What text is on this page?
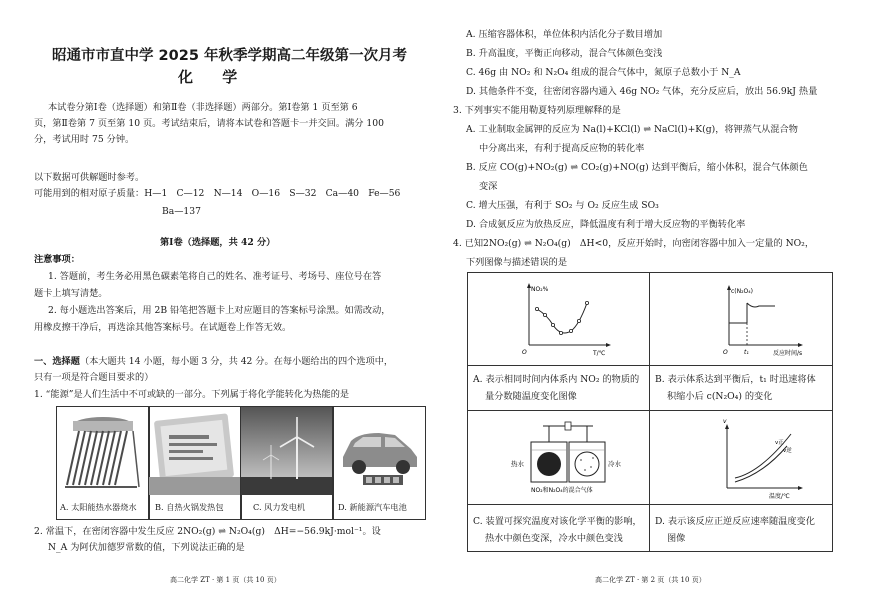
昭通市市直中学 2025 年秋季学期高二年级第一次月考
化 学
本试卷分第Ⅰ卷（选择题）和第Ⅱ卷（非选择题）两部分。第Ⅰ卷第 1 页至第 6
页，第Ⅱ卷第 7 页至第 10 页。考试结束后，请将本试卷和答题卡一并交回。满分 100
分，考试用时 75 分钟。
以下数据可供解题时参考。
可能用到的相对原子质量：H—1　C—12　N—14　O—16　S—32　Ca—40　Fe—56
Ba—137
第Ⅰ卷（选择题，共 42 分）
注意事项：
1. 答题前，考生务必用黑色碳素笔将自己的姓名、准考证号、考场号、座位号在答
题卡上填写清楚。
2. 每小题选出答案后，用 2B 铅笔把答题卡上对应题目的答案标号涂黑。如需改动，
用橡皮擦干净后，再选涂其他答案标号。在试题卷上作答无效。
一、选择题（本大题共 14 小题，每小题 3 分，共 42 分。在每小题给出的四个选项中，
只有一项是符合题目要求的）
1. “能源”是人们生活中不可或缺的一部分。下列属于将化学能转化为热能的是
A. 太阳能热水器烧水 B. 自热火锅发热包	C. 风力发电机	D. 新能源汽车电池
2. 常温下，在密闭容器中发生反应 2NO₂(g) ⇌ N₂O₄(g)　ΔH=−56.9kJ·mol⁻¹。设
N_A 为阿伏加德罗常数的值，下列说法正确的是
高二化学 ZT · 第 1 页（共 10 页）
A. 压缩容器体积，单位体积内活化分子数目增加
B. 升高温度，平衡正向移动，混合气体颜色变浅
C. 46g 由 NO₂ 和 N₂O₄ 组成的混合气体中，氮原子总数小于 N_A
D. 其他条件不变，往密闭容器内通入 46g NO₂ 气体，充分反应后，放出 56.9kJ 热量
3. 下列事实不能用勒夏特列原理解释的是
A. 工业制取金属钾的反应为 Na(l)+KCl(l) ⇌ NaCl(l)+K(g)，将钾蒸气从混合物
中分离出来，有利于提高反应物的转化率
B. 反应 CO(g)+NO₂(g) ⇌ CO₂(g)+NO(g) 达到平衡后，缩小体积，混合气体颜色
变深
C. 增大压强，有利于 SO₂ 与 O₂ 反应生成 SO₃
D. 合成氨反应为放热反应，降低温度有利于增大反应物的平衡转化率
4. 已知2NO₂(g) ⇌ N₂O₄(g)　ΔH<0，反应开始时，向密闭容器中加入一定量的 NO₂，
下列图像与描述错误的是
NO₂%
T/℃
O
c(N₂O₄)
反应时间/s
O	t₁
A. 表示相同时间内体系内 NO₂ 的物质的
量分数随温度变化图像
B. 表示体系达到平衡后，t₁ 时迅速将体
积缩小后 c(N₂O₄) 的变化
热水	冷水
NO₂和N₂O₄的混合气体
v
v正
v逆
温度/℃
C. 装置可探究温度对该化学平衡的影响，
热水中颜色变深，冷水中颜色变浅
D. 表示该反应正逆反应速率随温度变化
图像
高二化学 ZT · 第 2 页（共 10 页）
